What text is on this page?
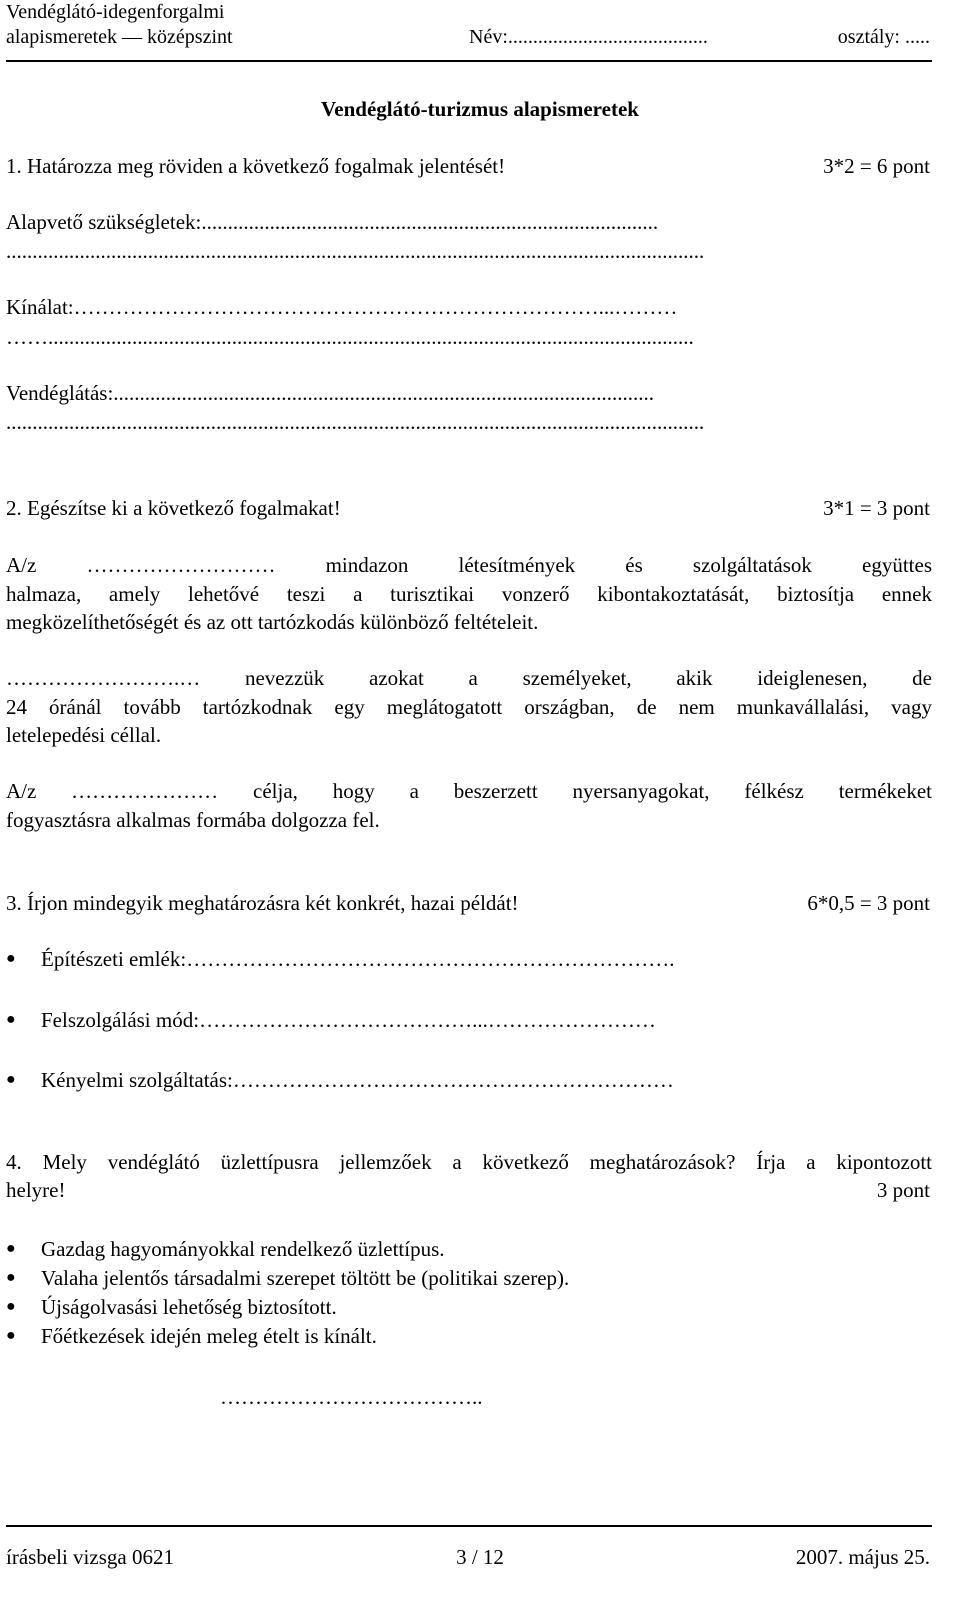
Vendéglátó-idegenforgalmi
alapismeretek — középszint	Név:........................................	osztály: .....
Vendéglátó-turizmus alapismeretek
1. Határozza meg röviden a következő fogalmak jelentését!	3*2 = 6 pont
Alapvető szükségletek:.......................................................................................
.....................................................................................................................................
Kínálat:…………………………………………………………………...………
……...........................................................................................................................
Vendéglátás:.......................................................................................................
.....................................................................................................................................
2. Egészítse ki a következő fogalmakat!	3*1 = 3 pont
A/z ……………………… mindazon létesítmények és szolgáltatások együttes
halmaza, amely lehetővé teszi a turisztikai vonzerő kibontakoztatását, biztosítja ennek
megközelíthetőségét és az ott tartózkodás különböző feltételeit.
…………………….… nevezzük azokat a személyeket, akik ideiglenesen, de
24 óránál tovább tartózkodnak egy meglátogatott országban, de nem munkavállalási, vagy
letelepedési céllal.
A/z ………………… célja, hogy a beszerzett nyersanyagokat, félkész termékeket
fogyasztásra alkalmas formába dolgozza fel.
3. Írjon mindegyik meghatározásra két konkrét, hazai példát!	6*0,5 = 3 pont
● Építészeti emlék:…………………………………………………………….
● Felszolgálási mód:…………………………………...……………………
● Kényelmi szolgáltatás:………………………………………………………
4. Mely vendéglátó üzlettípusra jellemzőek a következő meghatározások? Írja a kipontozott
helyre!	3 pont
● Gazdag hagyományokkal rendelkező üzlettípus.
● Valaha jelentős társadalmi szerepet töltött be (politikai szerep).
● Újságolvasási lehetőség biztosított.
● Főétkezések idején meleg ételt is kínált.
………………………………..
írásbeli vizsga 0621	3 / 12	2007. május 25.
